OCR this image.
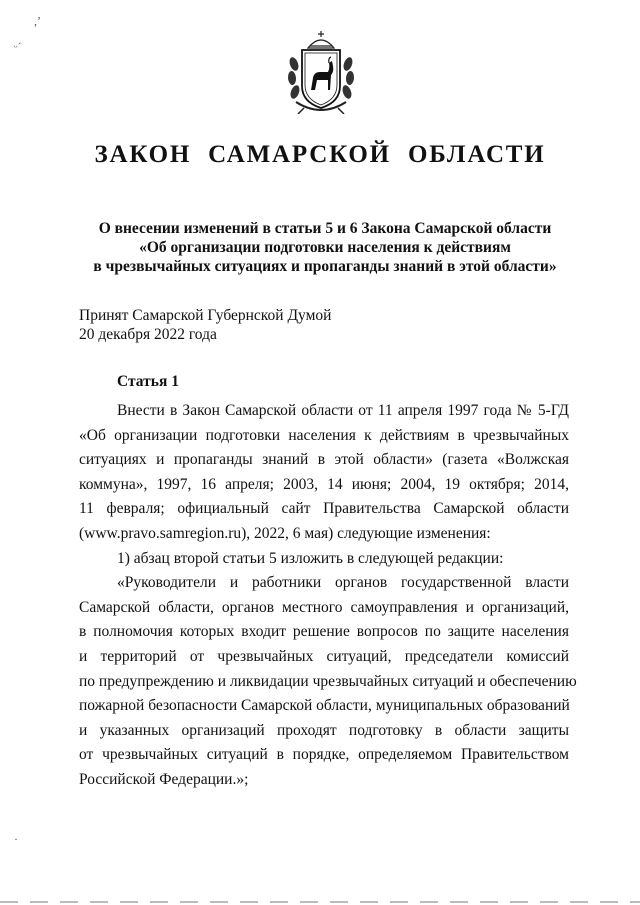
,ʼ
ᵕ´
ЗАКОН САМАРСКОЙ ОБЛАСТИ
О внесении изменений в статьи 5 и 6 Закона Самарской области
«Об организации подготовки населения к действиям
в чрезвычайных ситуациях и пропаганды знаний в этой области»
Принят Самарской Губернской Думой
20 декабря 2022 года
Статья 1
Внести в Закон Самарской области от 11 апреля 1997 года № 5-ГД
«Об организации подготовки населения к действиям в чрезвычайных
ситуациях и пропаганды знаний в этой области» (газета «Волжская
коммуна», 1997, 16 апреля; 2003, 14 июня; 2004, 19 октября; 2014,
11 февраля; официальный сайт Правительства Самарской области
(www.pravo.samregion.ru), 2022, 6 мая) следующие изменения:
1) абзац второй статьи 5 изложить в следующей редакции:
«Руководители и работники органов государственной власти
Самарской области, органов местного самоуправления и организаций,
в полномочия которых входит решение вопросов по защите населения
и территорий от чрезвычайных ситуаций, председатели комиссий
по предупреждению и ликвидации чрезвычайных ситуаций и обеспечению
пожарной безопасности Самарской области, муниципальных образований
и указанных организаций проходят подготовку в области защиты
от чрезвычайных ситуаций в порядке, определяемом Правительством
Российской Федерации.»;
·
